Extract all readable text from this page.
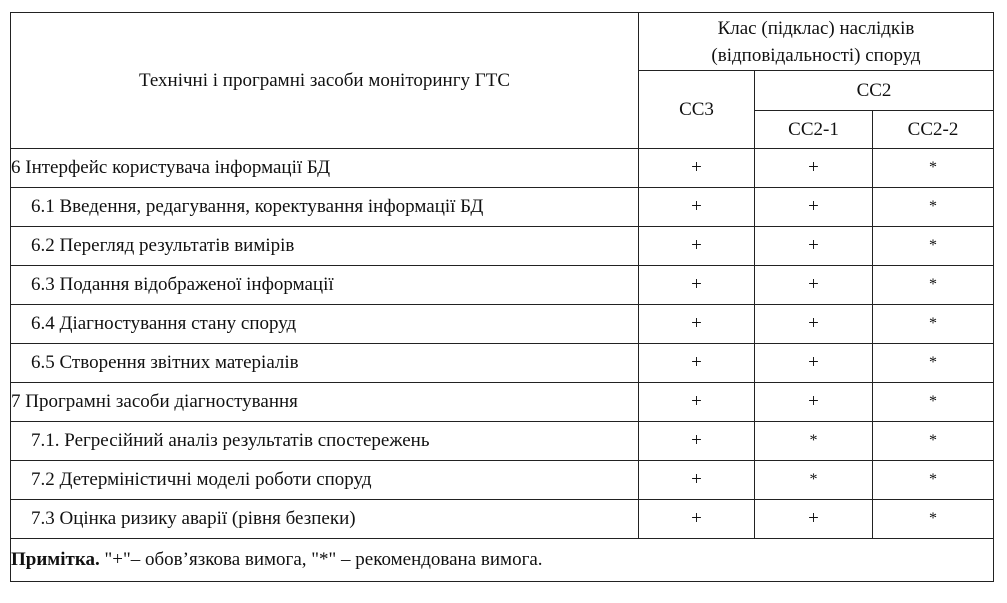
Технічні і програмні засоби моніторингу ГТС	Клас (підклас) наслідків
(відповідальності) споруд		
	СС3	СС2	
		СС2-1	СС2-2
6 Інтерфейс користувача інформації БД	+	+	*
6.1 Введення, редагування, коректування інформації БД	+	+	*
6.2 Перегляд результатів вимірів	+	+	*
6.3 Подання відображеної інформації	+	+	*
6.4 Діагностування стану споруд	+	+	*
6.5 Створення звітних матеріалів	+	+	*
7 Програмні засоби діагностування	+	+	*
7.1. Регресійний аналіз результатів спостережень	+	*	*
7.2 Детерміністичні моделі роботи споруд	+	*	*
7.3 Оцінка ризику аварії (рівня безпеки)	+	+	*
Примітка. "+"– обов’язкова вимога, "*" – рекомендована вимога.			
